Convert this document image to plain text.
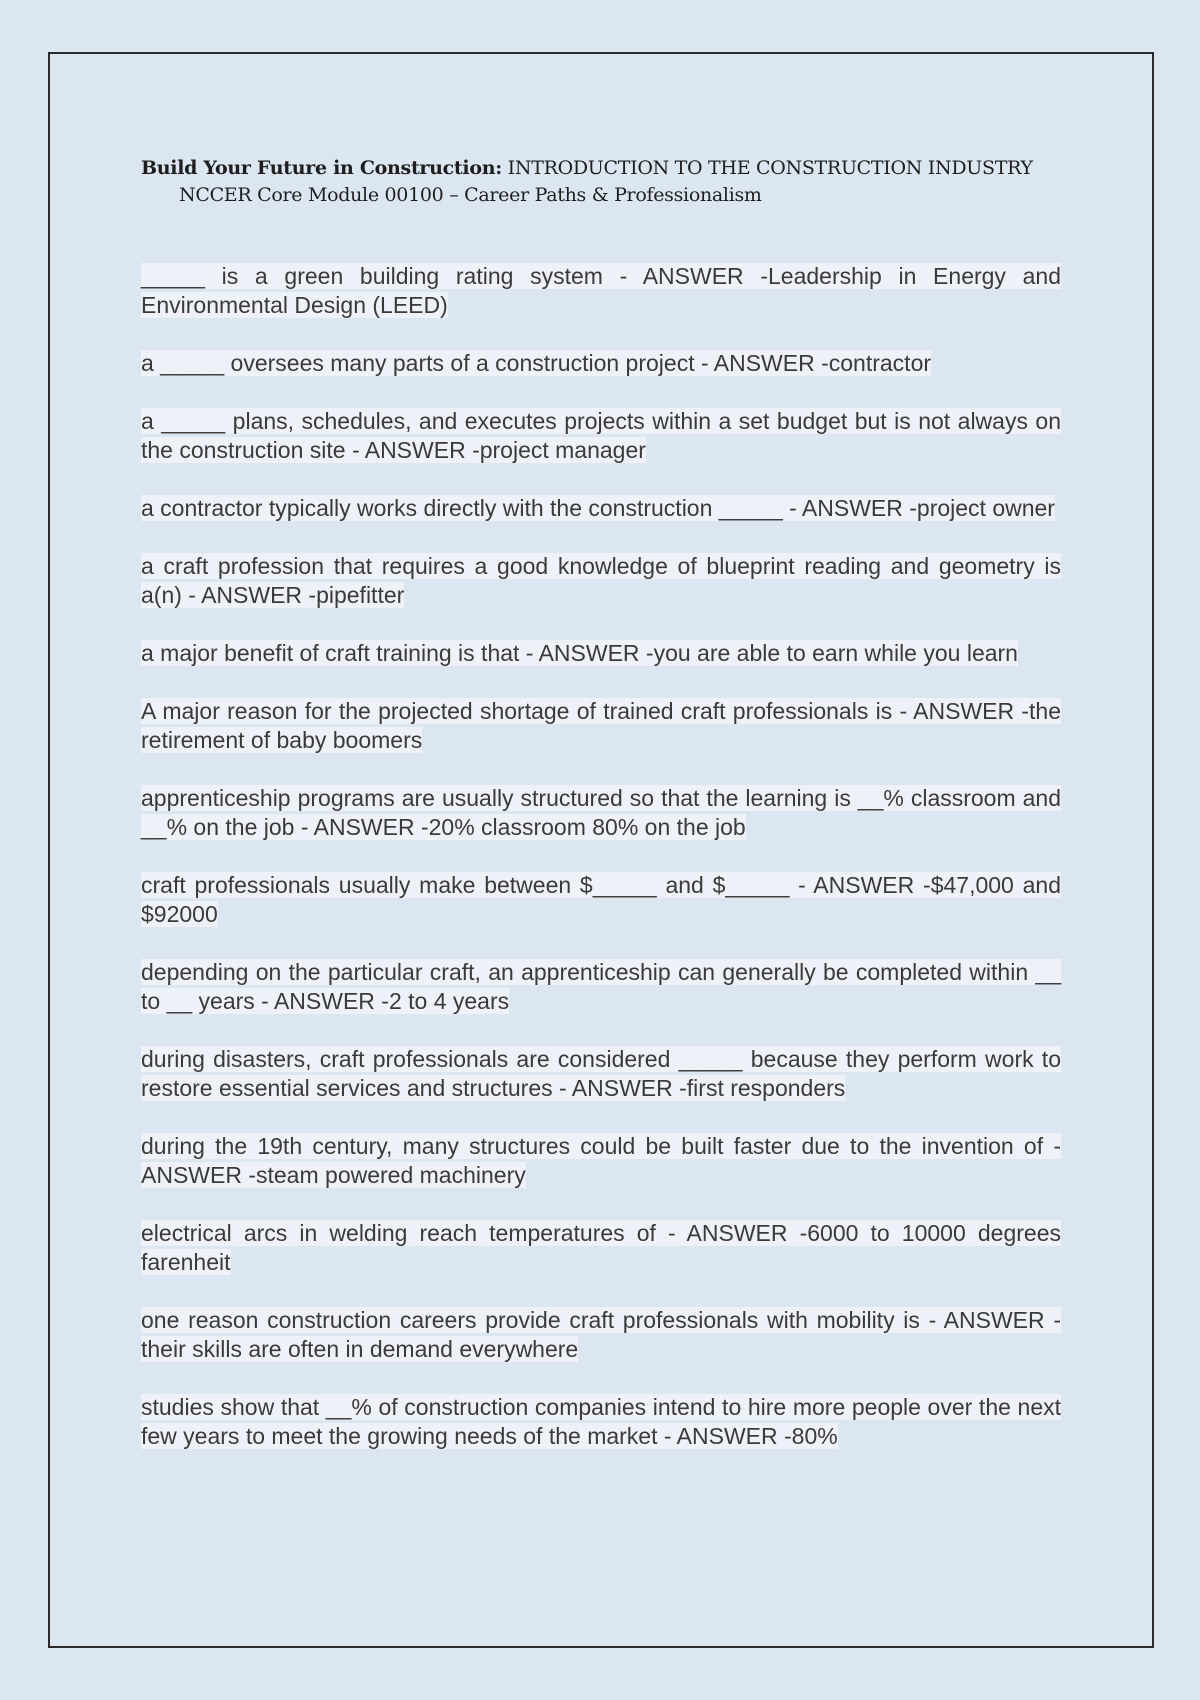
Build Your Future in Construction: INTRODUCTION TO THE CONSTRUCTION INDUSTRY
NCCER Core Module 00100 – Career Paths & Professionalism
_____ is a green building rating system - ANSWER -Leadership in Energy and Environmental Design (LEED)
a _____ oversees many parts of a construction project - ANSWER -contractor
a _____ plans, schedules, and executes projects within a set budget but is not always on the construction site - ANSWER -project manager
a contractor typically works directly with the construction _____ - ANSWER -project owner
a craft profession that requires a good knowledge of blueprint reading and geometry is a(n) - ANSWER -pipefitter
a major benefit of craft training is that - ANSWER -you are able to earn while you learn
A major reason for the projected shortage of trained craft professionals is - ANSWER -the retirement of baby boomers
apprenticeship programs are usually structured so that the learning is __% classroom and __% on the job - ANSWER -20% classroom 80% on the job
craft professionals usually make between $_____ and $_____ - ANSWER -$47,000 and $92000
depending on the particular craft, an apprenticeship can generally be completed within __ to __ years - ANSWER -2 to 4 years
during disasters, craft professionals are considered _____ because they perform work to restore essential services and structures - ANSWER -first responders
during the 19th century, many structures could be built faster due to the invention of - ANSWER -steam powered machinery
electrical arcs in welding reach temperatures of - ANSWER -6000 to 10000 degrees farenheit
one reason construction careers provide craft professionals with mobility is - ANSWER -their skills are often in demand everywhere
studies show that __% of construction companies intend to hire more people over the next few years to meet the growing needs of the market - ANSWER -80%
